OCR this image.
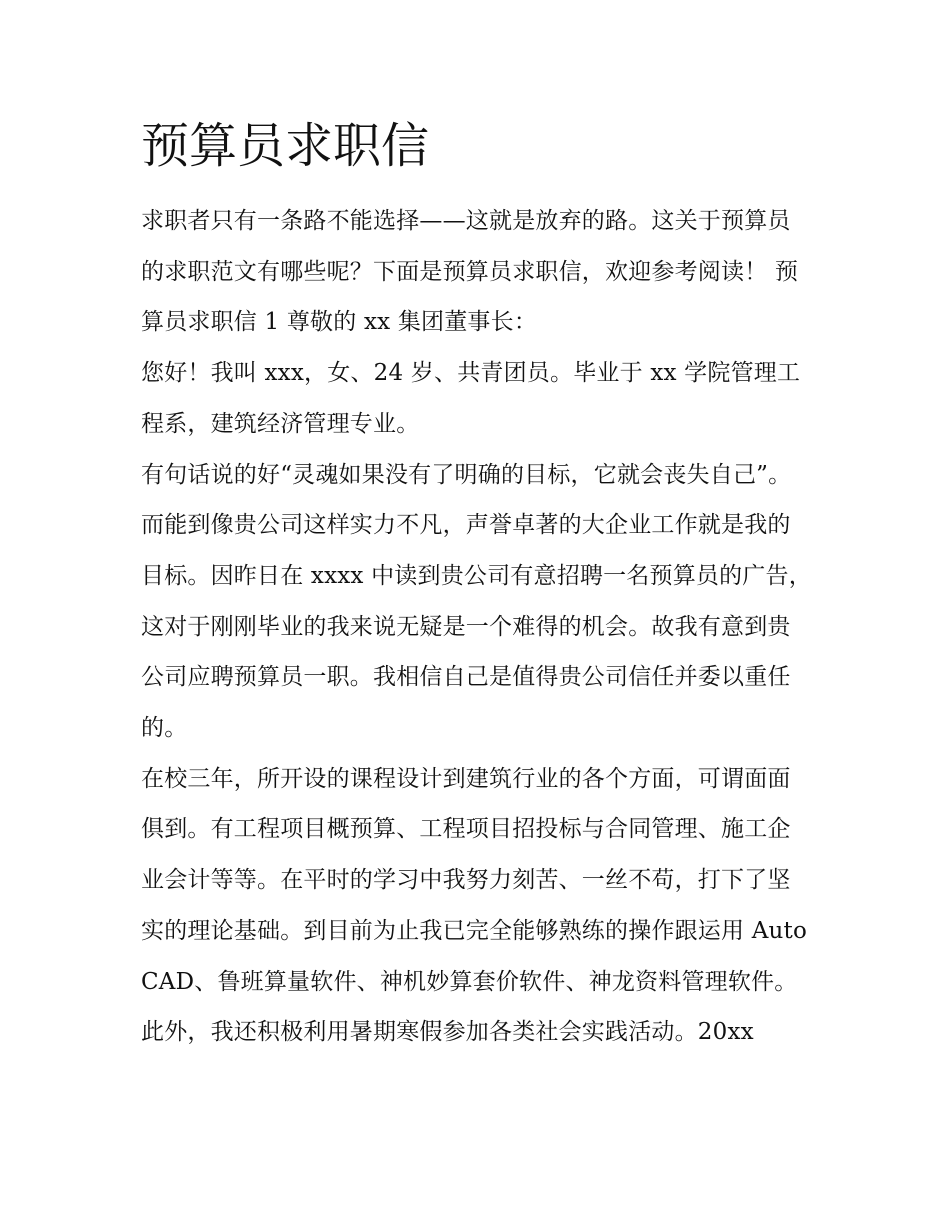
预算员求职信

求职者只有一条路不能选择——这就是放弃的路。这关于预算员的求职范文有哪些呢？下面是预算员求职信，欢迎参考阅读！ 预算员求职信 1 尊敬的 xx 集团董事长：

您好！我叫 xxx，女、24 岁、共青团员。毕业于 xx 学院管理工程系，建筑经济管理专业。

有句话说的好“灵魂如果没有了明确的目标，它就会丧失自己”。而能到像贵公司这样实力不凡，声誉卓著的大企业工作就是我的目标。因昨日在 xxxx 中读到贵公司有意招聘一名预算员的广告，这对于刚刚毕业的我来说无疑是一个难得的机会。故我有意到贵公司应聘预算员一职。我相信自己是值得贵公司信任并委以重任的。

在校三年，所开设的课程设计到建筑行业的各个方面，可谓面面俱到。有工程项目概预算、工程项目招投标与合同管理、施工企业会计等等。在平时的学习中我努力刻苦、一丝不苟，打下了坚实的理论基础。到目前为止我已完全能够熟练的操作跟运用 AutoCAD、鲁班算量软件、神机妙算套价软件、神龙资料管理软件。

此外，我还积极利用暑期寒假参加各类社会实践活动。20xx
